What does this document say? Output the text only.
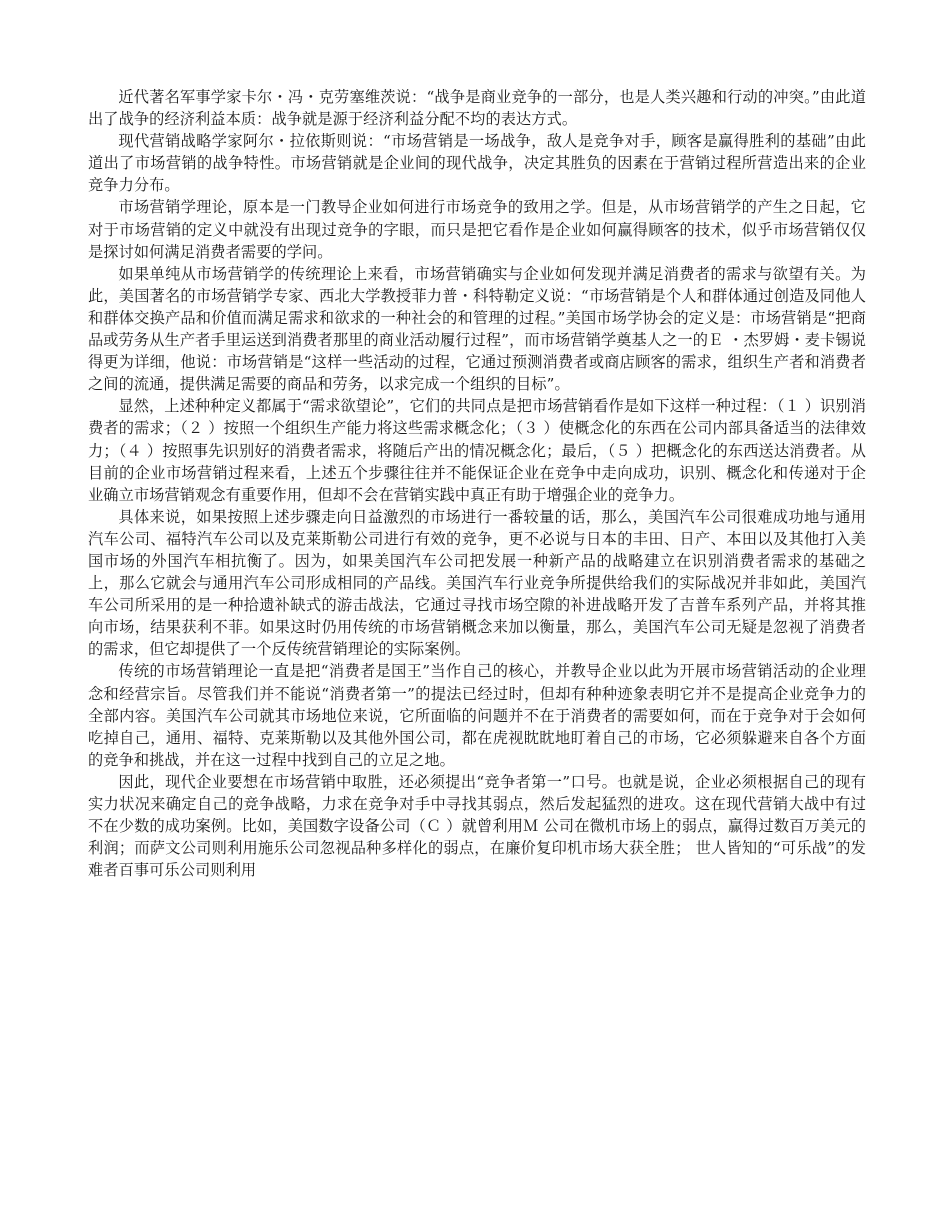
近代著名军事学家卡尔・冯・克劳塞维茨说：“战争是商业竞争的一部分，也是人类兴趣和行动的冲突。”由此道出了战争的经济利益本质：战争就是源于经济利益分配不均的表达方式。

现代营销战略学家阿尔・拉依斯则说：“市场营销是一场战争，敌人是竞争对手，顾客是赢得胜利的基础”由此道出了市场营销的战争特性。市场营销就是企业间的现代战争，决定其胜负的因素在于营销过程所营造出来的企业竞争力分布。

市场营销学理论，原本是一门教导企业如何进行市场竞争的致用之学。但是，从市场营销学的产生之日起，它对于市场营销的定义中就没有出现过竞争的字眼，而只是把它看作是企业如何赢得顾客的技术，似乎市场营销仅仅是探讨如何满足消费者需要的学问。

如果单纯从市场营销学的传统理论上来看，市场营销确实与企业如何发现并满足消费者的需求与欲望有关。为此，美国著名的市场营销学专家、西北大学教授菲力普・科特勒定义说：“市场营销是个人和群体通过创造及同他人和群体交换产品和价值而满足需求和欲求的一种社会的和管理的过程。”美国市场学协会的定义是：市场营销是“把商品或劳务从生产者手里运送到消费者那里的商业活动履行过程”，而市场营销学奠基人之一的Ｅ ・杰罗姆・麦卡锡说得更为详细，他说：市场营销是“这样一些活动的过程，它通过预测消费者或商店顾客的需求，组织生产者和消费者之间的流通，提供满足需要的商品和劳务，以求完成一个组织的目标”。

显然，上述种种定义都属于“需求欲望论”，它们的共同点是把市场营销看作是如下这样一种过程：（１ ）识别消费者的需求；（２ ）按照一个组织生产能力将这些需求概念化；（３ ）使概念化的东西在公司内部具备适当的法律效力；（４ ）按照事先识别好的消费者需求，将随后产出的情况概念化；最后，（５ ）把概念化的东西送达消费者。从目前的企业市场营销过程来看，上述五个步骤往往并不能保证企业在竞争中走向成功，识别、概念化和传递对于企业确立市场营销观念有重要作用，但却不会在营销实践中真正有助于增强企业的竞争力。

具体来说，如果按照上述步骤走向日益激烈的市场进行一番较量的话，那么，美国汽车公司很难成功地与通用汽车公司、福特汽车公司以及克莱斯勒公司进行有效的竞争，更不必说与日本的丰田、日产、本田以及其他打入美国市场的外国汽车相抗衡了。因为，如果美国汽车公司把发展一种新产品的战略建立在识别消费者需求的基础之上，那么它就会与通用汽车公司形成相同的产品线。美国汽车行业竞争所提供给我们的实际战况并非如此，美国汽车公司所采用的是一种拾遗补缺式的游击战法，它通过寻找市场空隙的补进战略开发了吉普车系列产品，并将其推向市场，结果获利不菲。如果这时仍用传统的市场营销概念来加以衡量，那么，美国汽车公司无疑是忽视了消费者的需求，但它却提供了一个反传统营销理论的实际案例。

传统的市场营销理论一直是把“消费者是国王”当作自己的核心，并教导企业以此为开展市场营销活动的企业理念和经营宗旨。尽管我们并不能说“消费者第一”的提法已经过时，但却有种种迹象表明它并不是提高企业竞争力的全部内容。美国汽车公司就其市场地位来说，它所面临的问题并不在于消费者的需要如何，而在于竞争对于会如何吃掉自己，通用、福特、克莱斯勒以及其他外国公司，都在虎视眈眈地盯着自己的市场，它必须躲避来自各个方面的竞争和挑战，并在这一过程中找到自己的立足之地。

因此，现代企业要想在市场营销中取胜，还必须提出“竞争者第一”口号。也就是说，企业必须根据自己的现有实力状况来确定自己的竞争战略，力求在竞争对手中寻找其弱点，然后发起猛烈的进攻。这在现代营销大战中有过不在少数的成功案例。比如，美国数字设备公司（Ｃ ）就曾利用Ｍ 公司在微机市场上的弱点，赢得过数百万美元的利润；而萨文公司则利用施乐公司忽视品种多样化的弱点，在廉价复印机市场大获全胜； 世人皆知的“可乐战”的发难者百事可乐公司则利用
